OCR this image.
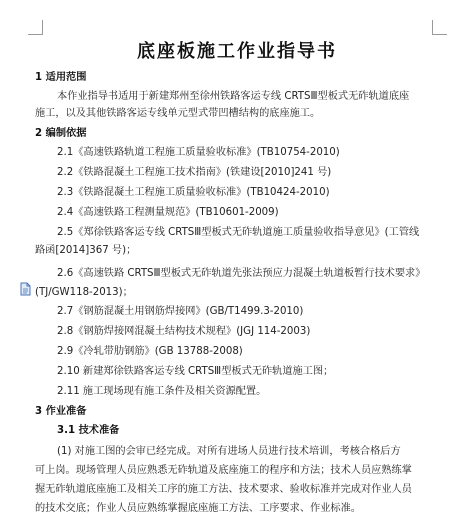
底座板施工作业指导书
1 适用范围
本作业指导书适用于新建郑州至徐州铁路客运专线 CRTSⅢ型板式无砟轨道底座
施工，以及其他铁路客运专线单元型式带凹槽结构的底座施工。
2 编制依据
2.1《高速铁路轨道工程施工质量验收标准》(TB10754-2010)
2.2《铁路混凝土工程施工技术指南》(铁建设[2010]241 号)
2.3《铁路混凝土工程施工质量验收标准》(TB10424-2010)
2.4《高速铁路工程测量规范》(TB10601-2009)
2.5《郑徐铁路客运专线 CRTSⅢ型板式无砟轨道施工质量验收指导意见》(工管线
路函[2014]367 号)；
2.6《高速铁路 CRTSⅢ型板式无砟轨道先张法预应力混凝土轨道板暂行技术要求》
(TJ/GW118-2013)；
2.7《钢筋混凝土用钢筋焊接网》(GB/T1499.3-2010)
2.8《钢筋焊接网混凝土结构技术规程》(JGJ 114-2003)
2.9《冷轧带肋钢筋》(GB 13788-2008)
2.10 新建郑徐铁路客运专线 CRTSⅢ型板式无砟轨道施工图；
2.11 施工现场现有施工条件及相关资源配置。
3 作业准备
3.1 技术准备
(1) 对施工图的会审已经完成。对所有进场人员进行技术培训，考核合格后方
可上岗。现场管理人员应熟悉无砟轨道及底座施工的程序和方法；技术人员应熟练掌
握无砟轨道底座施工及相关工序的施工方法、技术要求、验收标准并完成对作业人员
的技术交底；作业人员应熟练掌握底座施工方法、工序要求、作业标准。
